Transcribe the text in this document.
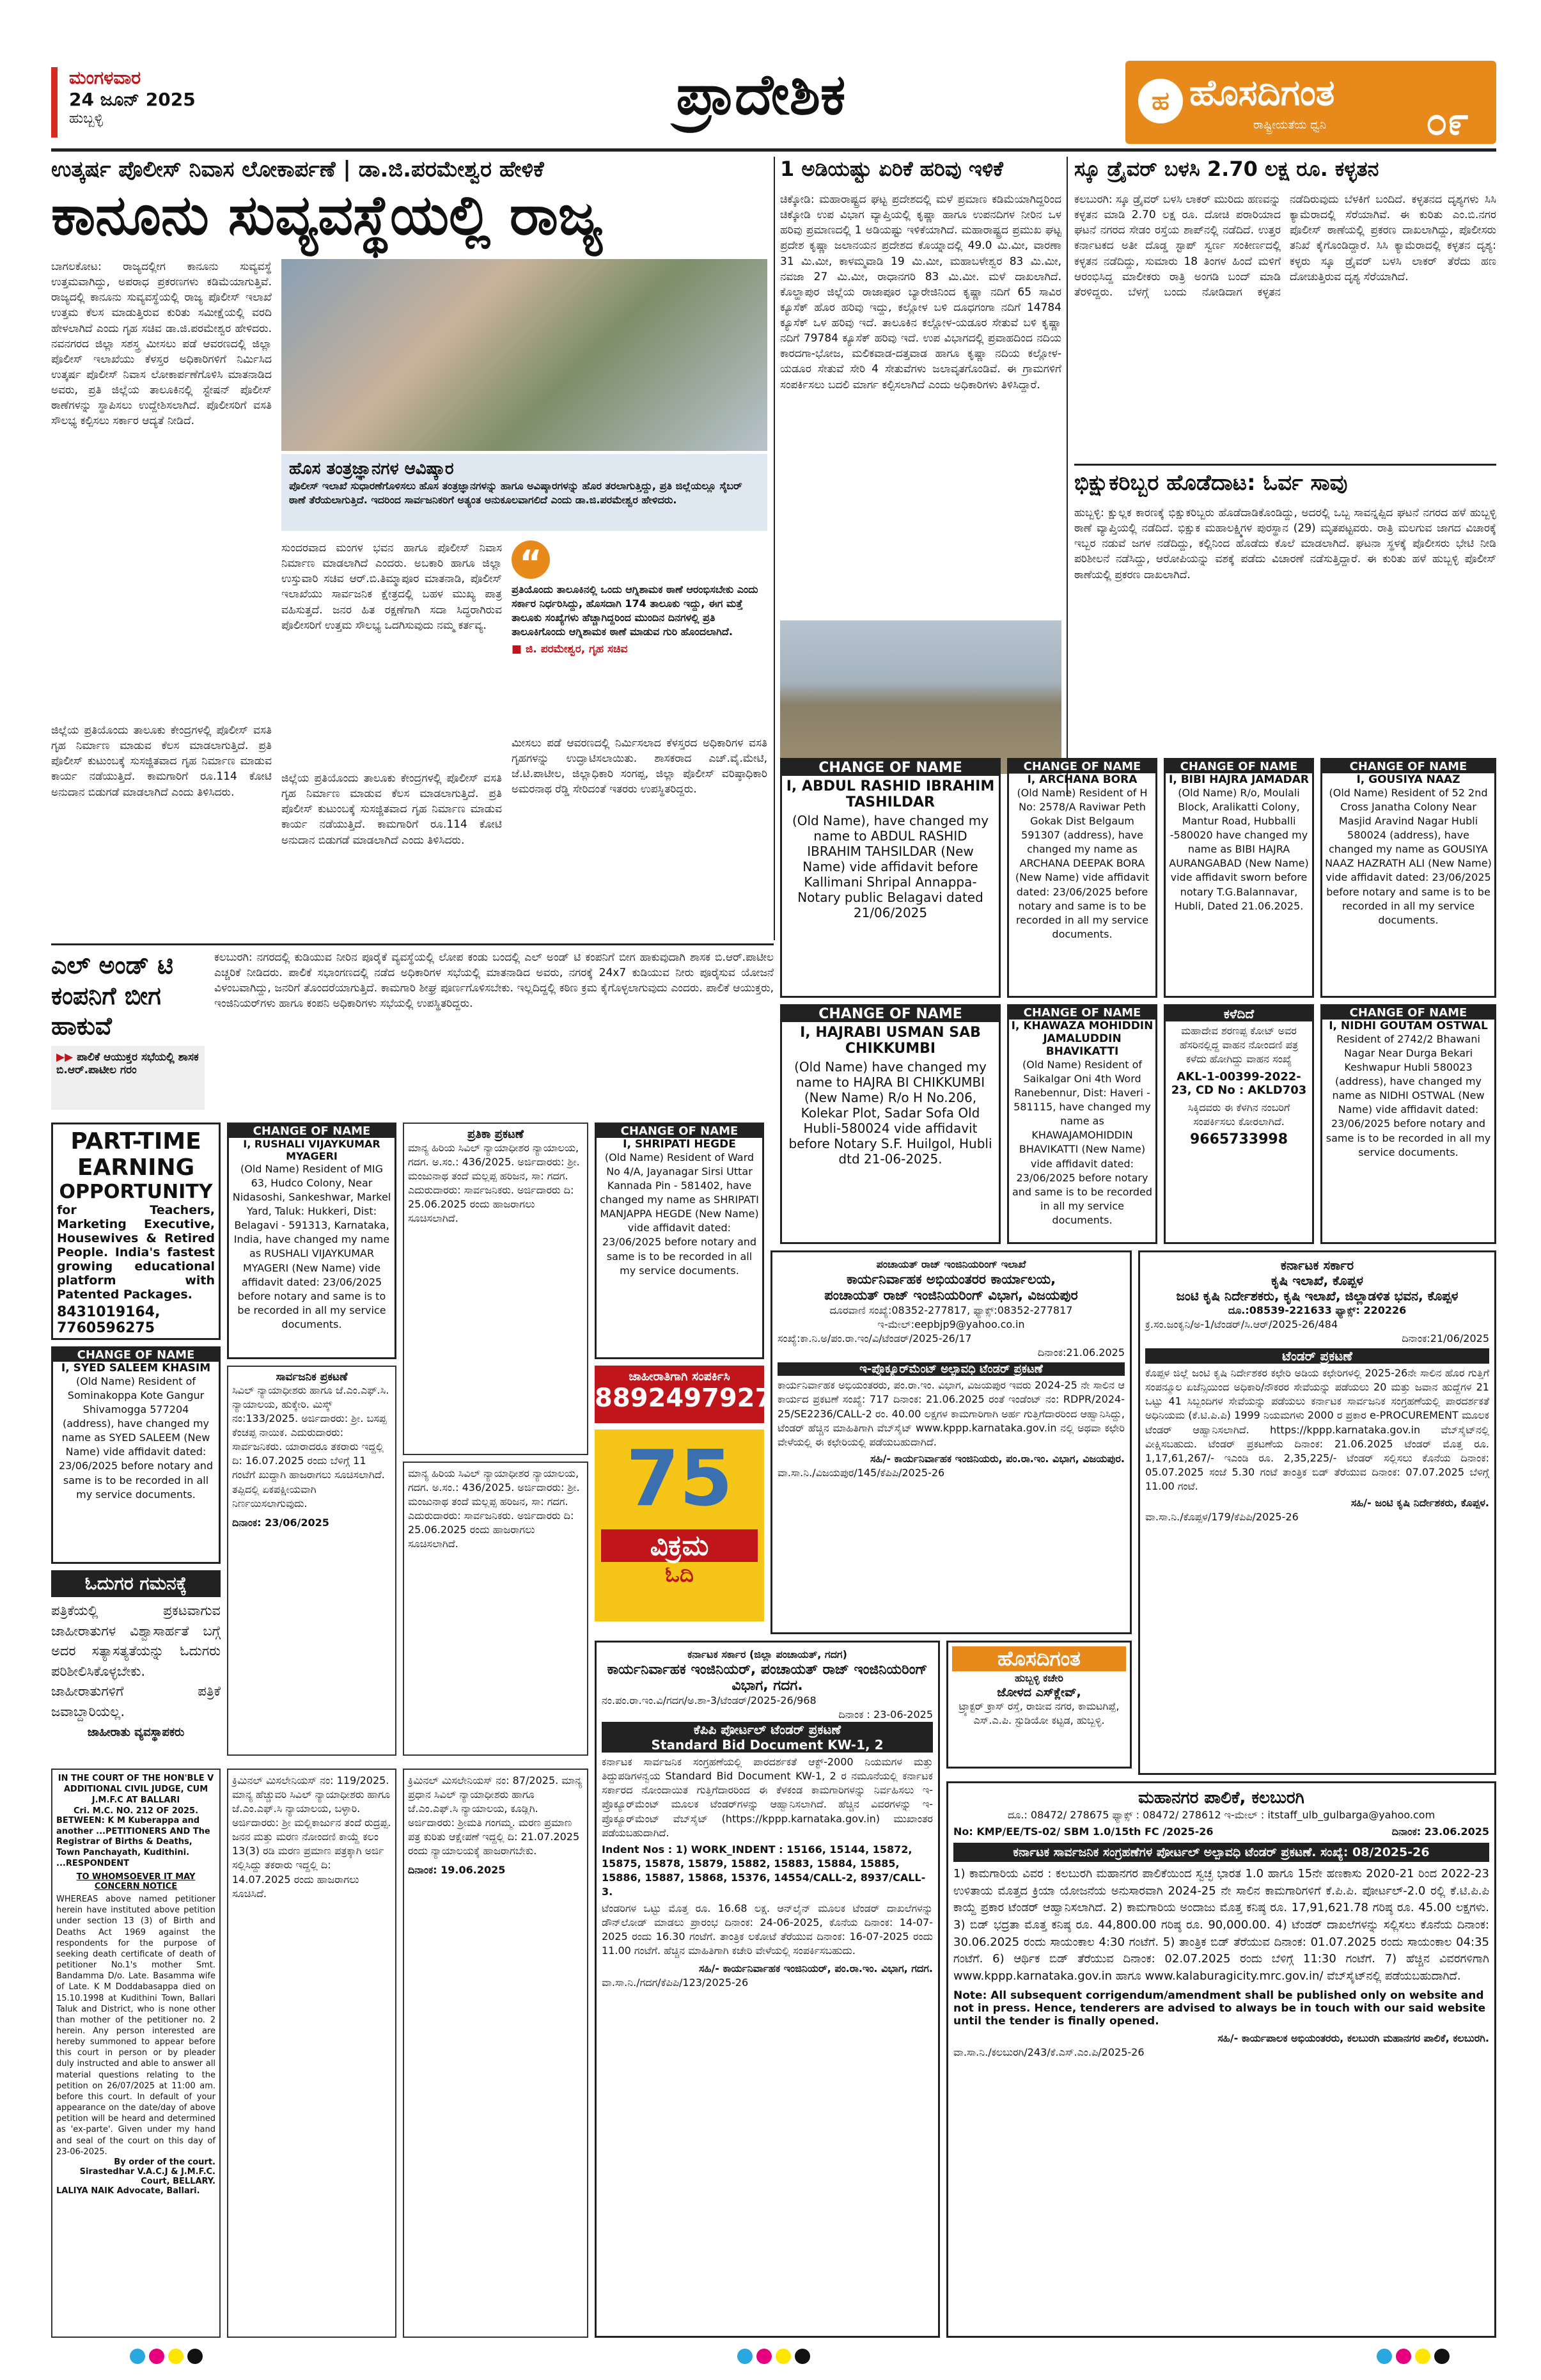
ಮಂಗಳವಾರ
24 ಜೂನ್ 2025
ಹುಬ್ಬಳ್ಳಿ	ಪ್ರಾದೇಶಿಕ	ಹ ಹೊಸದಿಗಂತ
ರಾಷ್ಟ್ರೀಯತೆಯ ಧ್ವನಿ	೦೯
ಉತ್ಕರ್ಷ ಪೊಲೀಸ್ ನಿವಾಸ ಲೋಕಾರ್ಪಣೆ | ಡಾ.ಜಿ.ಪರಮೇಶ್ವರ ಹೇಳಿಕೆ
ಕಾನೂನು ಸುವ್ಯವಸ್ಥೆಯಲ್ಲಿ ರಾಜ್ಯ
ಬಾಗಲಕೋಟ: ರಾಜ್ಯದಲ್ಲೀಗ ಕಾನೂನು ಸುವ್ಯವಸ್ಥೆ ಉತ್ತಮವಾಗಿದ್ದು, ಅಪರಾಧ ಪ್ರಕರಣಗಳು ಕಡಿಮೆಯಾಗುತ್ತಿವೆ. ರಾಜ್ಯದಲ್ಲಿ ಕಾನೂನು ಸುವ್ಯವಸ್ಥೆಯಲ್ಲಿ ರಾಜ್ಯ ಪೊಲೀಸ್ ಇಲಾಖೆ ಉತ್ತಮ ಕೆಲಸ ಮಾಡುತ್ತಿರುವ ಕುರಿತು ಸಮೀಕ್ಷೆಯಲ್ಲಿ ವರದಿ ಹೇಳಲಾಗಿದೆ ಎಂದು ಗೃಹ ಸಚಿವ ಡಾ.ಜಿ.ಪರಮೇಶ್ವರ ಹೇಳಿದರು. ನವನಗರದ ಜಿಲ್ಲಾ ಸಶಸ್ತ್ರ ಮೀಸಲು ಪಡೆ ಆವರಣದಲ್ಲಿ ಜಿಲ್ಲಾ ಪೊಲೀಸ್ ಇಲಾಖೆಯು ಕೆಳಸ್ತರ ಅಧಿಕಾರಿಗಳಿಗೆ ನಿರ್ಮಿಸಿದ ಉತ್ಕರ್ಷ ಪೊಲೀಸ್ ನಿವಾಸ ಲೋಕಾರ್ಪಣೆಗೊಳಿಸಿ ಮಾತನಾಡಿದ ಅವರು, ಪ್ರತಿ ಜಿಲ್ಲೆಯ ತಾಲೂಕಿನಲ್ಲಿ ಸ್ಟೇಷನ್ ಪೊಲೀಸ್ ಠಾಣೆಗಳನ್ನು ಸ್ಥಾಪಿಸಲು ಉದ್ದೇಶಿಸಲಾಗಿದೆ. ಪೊಲೀಸರಿಗೆ ವಸತಿ ಸೌಲಭ್ಯ ಕಲ್ಪಿಸಲು ಸರ್ಕಾರ ಆದ್ಯತೆ ನೀಡಿದೆ.
ಹೊಸ ತಂತ್ರಜ್ಞಾನಗಳ ಆವಿಷ್ಕಾರ
ಪೊಲೀಸ್ ಇಲಾಖೆ ಸುಧಾರಣೆಗೊಳಿಸಲು ಹೊಸ ತಂತ್ರಜ್ಞಾನಗಳನ್ನು ಹಾಗೂ ಅವಿಷ್ಕಾರಗಳನ್ನು ಹೊರ ತರಲಾಗುತ್ತಿದ್ದು, ಪ್ರತಿ ಜಿಲ್ಲೆಯಲ್ಲೂ ಸೈಬರ್ ಠಾಣೆ ತೆರೆಯಲಾಗುತ್ತಿದೆ. ಇದರಿಂದ ಸಾರ್ವಜನಿಕರಿಗೆ ಅತ್ಯಂತ ಅನುಕೂಲವಾಗಲಿದೆ ಎಂದು ಡಾ.ಜಿ.ಪರಮೇಶ್ವರ ಹೇಳಿದರು.
ಜಿಲ್ಲೆಯ ಪ್ರತಿಯೊಂದು ತಾಲೂಕು ಕೇಂದ್ರಗಳಲ್ಲಿ ಪೊಲೀಸ್ ವಸತಿ ಗೃಹ ನಿರ್ಮಾಣ ಮಾಡುವ ಕೆಲಸ ಮಾಡಲಾಗುತ್ತಿದೆ. ಪ್ರತಿ ಪೊಲೀಸ್ ಕುಟುಂಬಕ್ಕೆ ಸುಸಜ್ಜಿತವಾದ ಗೃಹ ನಿರ್ಮಾಣ ಮಾಡುವ ಕಾರ್ಯ ನಡೆಯುತ್ತಿದೆ. ಕಾಮಗಾರಿಗೆ ರೂ.114 ಕೋಟಿ ಅನುದಾನ ಬಿಡುಗಡೆ ಮಾಡಲಾಗಿದೆ ಎಂದು ತಿಳಿಸಿದರು.
ಸುಂದರವಾದ ಮಂಗಳ ಭವನ ಹಾಗೂ ಪೊಲೀಸ್ ನಿವಾಸ ನಿರ್ಮಾಣ ಮಾಡಲಾಗಿದೆ ಎಂದರು. ಅಬಕಾರಿ ಹಾಗೂ ಜಿಲ್ಲಾ ಉಸ್ತುವಾರಿ ಸಚಿವ ಆರ್.ಬಿ.ತಿಮ್ಮಾಪೂರ ಮಾತನಾಡಿ, ಪೊಲೀಸ್ ಇಲಾಖೆಯು ಸಾರ್ವಜನಿಕ ಕ್ಷೇತ್ರದಲ್ಲಿ ಬಹಳ ಮುಖ್ಯ ಪಾತ್ರ ವಹಿಸುತ್ತದೆ. ಜನರ ಹಿತ ರಕ್ಷಣೆಗಾಗಿ ಸದಾ ಸಿದ್ಧರಾಗಿರುವ ಪೊಲೀಸರಿಗೆ ಉತ್ತಮ ಸೌಲಭ್ಯ ಒದಗಿಸುವುದು ನಮ್ಮ ಕರ್ತವ್ಯ.
“
ಪ್ರತಿಯೊಂದು ತಾಲೂಕಿನಲ್ಲಿ ಒಂದು ಆಗ್ನಿಶಾಮಕ ಠಾಣೆ ಆರಂಭಿಸಬೇಕು ಎಂದು ಸರ್ಕಾರ ನಿರ್ಧರಿಸಿದ್ದು, ಹೊಸದಾಗಿ 174 ತಾಲೂಕು ಇದ್ದು, ಈಗ ಮತ್ತೆ ತಾಲೂಕು ಸಂಖ್ಯೆಗಳು ಹೆಚ್ಚಾಗಿದ್ದರಿಂದ ಮುಂದಿನ ದಿನಗಳಲ್ಲಿ ಪ್ರತಿ ತಾಲೂಕಿಗೊಂದು ಆಗ್ನಿಶಾಮಕ ಠಾಣೆ ಮಾಡುವ ಗುರಿ ಹೊಂದಲಾಗಿದೆ.
■ ಜಿ. ಪರಮೇಶ್ವರ, ಗೃಹ ಸಚಿವ
ಮೀಸಲು ಪಡೆ ಆವರಣದಲ್ಲಿ ನಿರ್ಮಿಸಲಾದ ಕೆಳಸ್ತರದ ಅಧಿಕಾರಿಗಳ ವಸತಿ ಗೃಹಗಳನ್ನು ಉದ್ಘಾಟಿಸಲಾಯಿತು. ಶಾಸಕರಾದ ಎಚ್.ವೈ.ಮೇಟಿ, ಜೆ.ಟಿ.ಪಾಟೀಲ, ಜಿಲ್ಲಾಧಿಕಾರಿ ಸಂಗಪ್ಪ, ಜಿಲ್ಲಾ ಪೊಲೀಸ್ ವರಿಷ್ಠಾಧಿಕಾರಿ ಅಮರನಾಥ ರೆಡ್ಡಿ ಸೇರಿದಂತೆ ಇತರರು ಉಪಸ್ಥಿತರಿದ್ದರು.
ಜಿಲ್ಲೆಯ ಪ್ರತಿಯೊಂದು ತಾಲೂಕು ಕೇಂದ್ರಗಳಲ್ಲಿ ಪೊಲೀಸ್ ವಸತಿ ಗೃಹ ನಿರ್ಮಾಣ ಮಾಡುವ ಕೆಲಸ ಮಾಡಲಾಗುತ್ತಿದೆ. ಪ್ರತಿ ಪೊಲೀಸ್ ಕುಟುಂಬಕ್ಕೆ ಸುಸಜ್ಜಿತವಾದ ಗೃಹ ನಿರ್ಮಾಣ ಮಾಡುವ ಕಾರ್ಯ ನಡೆಯುತ್ತಿದೆ. ಕಾಮಗಾರಿಗೆ ರೂ.114 ಕೋಟಿ ಅನುದಾನ ಬಿಡುಗಡೆ ಮಾಡಲಾಗಿದೆ ಎಂದು ತಿಳಿಸಿದರು.
1 ಅಡಿಯಷ್ಟು ಏರಿಕೆ ಹರಿವು ಇಳಿಕೆ
ಚಿಕ್ಕೋಡಿ: ಮಹಾರಾಷ್ಟ್ರದ ಘಟ್ಟ ಪ್ರದೇಶದಲ್ಲಿ ಮಳೆ ಪ್ರಮಾಣ ಕಡಿಮೆಯಾಗಿದ್ದರಿಂದ ಚಿಕ್ಕೋಡಿ ಉಪ ವಿಭಾಗ ವ್ಯಾಪ್ತಿಯಲ್ಲಿ ಕೃಷ್ಣಾ ಹಾಗೂ ಉಪನದಿಗಳ ನೀರಿನ ಒಳ ಹರಿವು ಪ್ರಮಾಣದಲ್ಲಿ 1 ಅಡಿಯಷ್ಟು ಇಳಿಕೆಯಾಗಿದೆ. ಮಹಾರಾಷ್ಟ್ರದ ಪ್ರಮುಖ ಘಟ್ಟ ಪ್ರದೇಶ ಕೃಷ್ಣಾ ಜಲಾನಯನ ಪ್ರದೇಶದ ಕೊಯ್ನಾದಲ್ಲಿ 49.0 ಮಿ.ಮೀ, ವಾರಣಾ 31 ಮಿ.ಮೀ, ಕಾಳಮ್ಮವಾಡಿ 19 ಮಿ.ಮೀ, ಮಹಾಬಳೇಶ್ವರ 83 ಮಿ.ಮೀ, ನವಜಾ 27 ಮಿ.ಮೀ, ರಾಧಾನಗರಿ 83 ಮಿ.ಮೀ. ಮಳೆ ದಾಖಲಾಗಿದೆ. ಕೊಲ್ಹಾಪುರ ಜಿಲ್ಲೆಯ ರಾಜಾಪೂರ ಬ್ಯಾರೇಜಿನಿಂದ ಕೃಷ್ಣಾ ನದಿಗೆ 65 ಸಾವಿರ ಕ್ಯೂಸೆಕ್ ಹೊರ ಹರಿವು ಇದ್ದು, ಕಲ್ಲೋಳ ಬಳಿ ದೂಧಗಂಗಾ ನದಿಗೆ 14784 ಕ್ಯೂಸೆಕ್ ಒಳ ಹರಿವು ಇದೆ. ತಾಲೂಕಿನ ಕಲ್ಲೋಳ-ಯಡೂರ ಸೇತುವೆ ಬಳಿ ಕೃಷ್ಣಾ ನದಿಗೆ 79784 ಕ್ಯೂಸೆಕ್ ಹರಿವು ಇದೆ. ಉಪ ವಿಭಾಗದಲ್ಲಿ ಪ್ರವಾಹದಿಂದ ನದಿಯ ಕಾರದಗಾ-ಭೋಜ, ಮಲಿಕವಾಡ-ದತ್ತವಾಡ ಹಾಗೂ ಕೃಷ್ಣಾ ನದಿಯ ಕಲ್ಲೋಳ-ಯಡೂರ ಸೇತುವೆ ಸೇರಿ 4 ಸೇತುವೆಗಳು ಜಲಾವೃತಗೊಂಡಿವೆ. ಈ ಗ್ರಾಮಗಳಿಗೆ ಸಂಪರ್ಕಿಸಲು ಬದಲಿ ಮಾರ್ಗ ಕಲ್ಪಿಸಲಾಗಿದೆ ಎಂದು ಅಧಿಕಾರಿಗಳು ತಿಳಿಸಿದ್ದಾರೆ.
ಸ್ಕೂ ಡ್ರೈವರ್ ಬಳಸಿ 2.70 ಲಕ್ಷ ರೂ. ಕಳ್ಳತನ
ಕಲಬುರಗಿ: ಸ್ಕೂ ಡ್ರೈವರ್ ಬಳಸಿ ಲಾಕರ್ ಮುರಿದು ಹಣವನ್ನು ಕಳ್ಳತನ ಮಾಡಿ 2.70 ಲಕ್ಷ ರೂ. ದೋಚಿ ಪರಾರಿಯಾದ ಘಟನೆ ನಗರದ ಸೇಡಂ ರಸ್ತೆಯ ಶಾಪ್‌ನಲ್ಲಿ ನಡೆದಿದೆ. ಉತ್ತರ ಕರ್ನಾಟಕದ ಅತೀ ದೊಡ್ಡ ಸ್ಟಾಪ್ ಸ್ವರ್ಣ ಸಂಕೀರ್ಣದಲ್ಲಿ ಕಳ್ಳತನ ನಡೆದಿದ್ದು, ಸುಮಾರು 18 ತಿಂಗಳ ಹಿಂದೆ ಮಳಿಗೆ ಆರಂಭಿಸಿದ್ದ ಮಾಲೀಕರು ರಾತ್ರಿ ಅಂಗಡಿ ಬಂದ್ ಮಾಡಿ ತೆರಳಿದ್ದರು. ಬೆಳಗ್ಗೆ ಬಂದು ನೋಡಿದಾಗ ಕಳ್ಳತನ ನಡೆದಿರುವುದು ಬೆಳಕಿಗೆ ಬಂದಿದೆ. ಕಳ್ಳತನದ ದೃಶ್ಯಗಳು ಸಿಸಿ ಕ್ಯಾಮೆರಾದಲ್ಲಿ ಸೆರೆಯಾಗಿವೆ. ಈ ಕುರಿತು ಎಂ.ಬಿ.ನಗರ ಪೊಲೀಸ್ ಠಾಣೆಯಲ್ಲಿ ಪ್ರಕರಣ ದಾಖಲಾಗಿದ್ದು, ಪೊಲೀಸರು ತನಿಖೆ ಕೈಗೊಂಡಿದ್ದಾರೆ. ಸಿಸಿ ಕ್ಯಾಮೆರಾದಲ್ಲಿ ಕಳ್ಳತನ ದೃಶ್ಯ: ಕಳ್ಳರು ಸ್ಕೂ ಡ್ರೈವರ್ ಬಳಸಿ ಲಾಕರ್ ತೆರೆದು ಹಣ ದೋಚುತ್ತಿರುವ ದೃಶ್ಯ ಸೆರೆಯಾಗಿದೆ.
ಭಿಕ್ಷುಕರಿಬ್ಬರ ಹೊಡೆದಾಟ: ಓರ್ವ ಸಾವು
ಹುಬ್ಬಳ್ಳಿ: ಕ್ಷುಲ್ಲಕ ಕಾರಣಕ್ಕೆ ಭಿಕ್ಷುಕರಿಬ್ಬರು ಹೊಡೆದಾಡಿಕೊಂಡಿದ್ದು, ಅದರಲ್ಲಿ ಒಬ್ಬ ಸಾವನ್ನಪ್ಪಿದ ಘಟನೆ ನಗರದ ಹಳೆ ಹುಬ್ಬಳ್ಳಿ ಠಾಣೆ ವ್ಯಾಪ್ತಿಯಲ್ಲಿ ನಡೆದಿದೆ. ಭಿಕ್ಷುಕ ಮಹಾಲಕ್ಷ್ಮಿಗಳ ಪುರಸ್ಥಾನ (29) ಮೃತಪಟ್ಟವರು. ರಾತ್ರಿ ಮಲಗುವ ಜಾಗದ ವಿಚಾರಕ್ಕೆ ಇಬ್ಬರ ನಡುವೆ ಜಗಳ ನಡೆದಿದ್ದು, ಕಲ್ಲಿನಿಂದ ಹೊಡೆದು ಕೊಲೆ ಮಾಡಲಾಗಿದೆ. ಘಟನಾ ಸ್ಥಳಕ್ಕೆ ಪೊಲೀಸರು ಭೇಟಿ ನೀಡಿ ಪರಿಶೀಲನೆ ನಡೆಸಿದ್ದು, ಆರೋಪಿಯನ್ನು ವಶಕ್ಕೆ ಪಡೆದು ವಿಚಾರಣೆ ನಡೆಸುತ್ತಿದ್ದಾರೆ. ಈ ಕುರಿತು ಹಳೆ ಹುಬ್ಬಳ್ಳಿ ಪೊಲೀಸ್ ಠಾಣೆಯಲ್ಲಿ ಪ್ರಕರಣ ದಾಖಲಾಗಿದೆ.
ಎಲ್ ಅಂಡ್ ಟಿ ಕಂಪನಿಗೆ ಬೀಗ ಹಾಕುವೆ
▶▶ ಪಾಲಿಕೆ ಆಯುಕ್ತರ ಸಭೆಯಲ್ಲಿ ಶಾಸಕ ಬಿ.ಆರ್.ಪಾಟೀಲ ಗರಂ
ಕಲಬುರಗಿ: ನಗರದಲ್ಲಿ ಕುಡಿಯುವ ನೀರಿನ ಪೂರೈಕೆ ವ್ಯವಸ್ಥೆಯಲ್ಲಿ ಲೋಪ ಕಂಡು ಬಂದಲ್ಲಿ ಎಲ್ ಅಂಡ್ ಟಿ ಕಂಪನಿಗೆ ಬೀಗ ಹಾಕುವುದಾಗಿ ಶಾಸಕ ಬಿ.ಆರ್.ಪಾಟೀಲ ಎಚ್ಚರಿಕೆ ನೀಡಿದರು. ಪಾಲಿಕೆ ಸಭಾಂಗಣದಲ್ಲಿ ನಡೆದ ಅಧಿಕಾರಿಗಳ ಸಭೆಯಲ್ಲಿ ಮಾತನಾಡಿದ ಅವರು, ನಗರಕ್ಕೆ 24x7 ಕುಡಿಯುವ ನೀರು ಪೂರೈಸುವ ಯೋಜನೆ ವಿಳಂಬವಾಗಿದ್ದು, ಜನರಿಗೆ ತೊಂದರೆಯಾಗುತ್ತಿದೆ. ಕಾಮಗಾರಿ ಶೀಘ್ರ ಪೂರ್ಣಗೊಳಿಸಬೇಕು. ಇಲ್ಲದಿದ್ದಲ್ಲಿ ಕಠಿಣ ಕ್ರಮ ಕೈಗೊಳ್ಳಲಾಗುವುದು ಎಂದರು. ಪಾಲಿಕೆ ಆಯುಕ್ತರು, ಇಂಜಿನಿಯರ್‌ಗಳು ಹಾಗೂ ಕಂಪನಿ ಅಧಿಕಾರಿಗಳು ಸಭೆಯಲ್ಲಿ ಉಪಸ್ಥಿತರಿದ್ದರು.
CHANGE OF NAME
I, ABDUL RASHID IBRAHIM TASHILDAR
(Old Name), have changed my name to ABDUL RASHID IBRAHIM TAHSILDAR (New Name) vide affidavit before Kallimani Shripal Annappa-Notary public Belagavi dated 21/06/2025
CHANGE OF NAME
I, ARCHANA BORA
(Old Name) Resident of H No: 2578/A Raviwar Peth Gokak Dist Belgaum 591307 (address), have changed my name as ARCHANA DEEPAK BORA (New Name) vide affidavit dated: 23/06/2025 before notary and same is to be recorded in all my service documents.
CHANGE OF NAME
I, BIBI HAJRA JAMADAR
(Old Name) R/o, Moulali Block, Aralikatti Colony, Mantur Road, Hubballi -580020 have changed my name as BIBI HAJRA AURANGABAD (New Name) vide affidavit sworn before notary T.G.Balannavar, Hubli, Dated 21.06.2025.
CHANGE OF NAME
I, GOUSIYA NAAZ
(Old Name) Resident of 52 2nd Cross Janatha Colony Near Masjid Aravind Nagar Hubli 580024 (address), have changed my name as GOUSIYA NAAZ HAZRATH ALI (New Name) vide affidavit dated: 23/06/2025 before notary and same is to be recorded in all my service documents.
CHANGE OF NAME
I, HAJRABI USMAN SAB CHIKKUMBI
(Old Name) have changed my name to HAJRA BI CHIKKUMBI (New Name) R/o H No.206, Kolekar Plot, Sadar Sofa Old Hubli-580024 vide affidavit before Notary S.F. Huilgol, Hubli dtd 21-06-2025.
CHANGE OF NAME
I, KHAWAZA MOHIDDIN JAMALUDDIN BHAVIKATTI
(Old Name) Resident of Saikalgar Oni 4th Word Ranebennur, Dist: Haveri - 581115, have changed my name as KHAWAJAMOHIDDIN BHAVIKATTI (New Name) vide affidavit dated: 23/06/2025 before notary and same is to be recorded in all my service documents.
ಕಳೆದಿದೆ
ಮಹಾದೇವ ಶರಣಪ್ಪ ಕೋಟ್ ಅವರ ಹೆಸರಿನಲ್ಲಿದ್ದ ವಾಹನ ನೋಂದಣಿ ಪತ್ರ ಕಳೆದು ಹೋಗಿದ್ದು ವಾಹನ ಸಂಖ್ಯೆ
AKL-1-00399-2022-23, CD No : AKLD703
ಸಿಕ್ಕಿದವರು ಈ ಕೆಳಗಿನ ನಂಬರಿಗೆ ಸಂಪರ್ಕಿಸಲು ಕೋರಲಾಗಿದೆ.
9665733998
CHANGE OF NAME
I, NIDHI GOUTAM OSTWAL
Resident of 2742/2 Bhawani Nagar Near Durga Bekari Keshwapur Hubli 580023 (address), have changed my name as NIDHI OSTWAL (New Name) vide affidavit dated: 23/06/2025 before notary and same is to be recorded in all my service documents.
PART-TIME
EARNING
OPPORTUNITY
for Teachers, Marketing Executive, Housewives & Retired People. India's fastest growing educational platform with Patented Packages.
8431019164, 7760596275
CHANGE OF NAME
I, RUSHALI VIJAYKUMAR MYAGERI
(Old Name) Resident of MIG 63, Hudco Colony, Near Nidasoshi, Sankeshwar, Markel Yard, Taluk: Hukkeri, Dist: Belagavi - 591313, Karnataka, India, have changed my name as RUSHALI VIJAYKUMAR MYAGERI (New Name) vide affidavit dated: 23/06/2025 before notary and same is to be recorded in all my service documents.
ಪ್ರತಿಕಾ ಪ್ರಕಟಣೆ
ಮಾನ್ಯ ಹಿರಿಯ ಸಿವಿಲ್ ನ್ಯಾಯಾಧೀಶರ ನ್ಯಾಯಾಲಯ, ಗದಗ. ಅ.ಸಂ.: 436/2025. ಅರ್ಜಿದಾರರು: ಶ್ರೀ. ಮಂಜುನಾಥ ತಂದೆ ಮಲ್ಲಪ್ಪ ಹರಿಜನ, ಸಾ: ಗದಗ. ಎದುರುದಾರರು: ಸಾರ್ವಜನಿಕರು. ಅರ್ಜಿದಾರರು ದಿ: 25.06.2025 ರಂದು ಹಾಜರಾಗಲು ಸೂಚಿಸಲಾಗಿದೆ.
CHANGE OF NAME
I, SHRIPATI HEGDE
(Old Name) Resident of Ward No 4/A, Jayanagar Sirsi Uttar Kannada Pin - 581402, have changed my name as SHRIPATI MANJAPPA HEGDE (New Name) vide affidavit dated: 23/06/2025 before notary and same is to be recorded in all my service documents.
CHANGE OF NAME
I, SYED SALEEM KHASIM
(Old Name) Resident of Sominakoppa Kote Gangur Shivamogga 577204 (address), have changed my name as SYED SALEEM (New Name) vide affidavit dated: 23/06/2025 before notary and same is to be recorded in all my service documents.
ಸಾರ್ವಜನಿಕ ಪ್ರಕಟಣೆ
ಸಿವಿಲ್ ನ್ಯಾಯಾಧೀಶರು ಹಾಗೂ ಜೆ.ಎಂ.ಎಫ್.ಸಿ. ನ್ಯಾಯಾಲಯ, ಹುಕ್ಕೇರಿ. ಮಿಸ್ಕ್ ನಂ:133/2025. ಅರ್ಜಿದಾರರು: ಶ್ರೀ. ಬಸಪ್ಪ ಕೆಂಚಪ್ಪ ನಾಯಿಕ. ಎದುರುದಾರರು: ಸಾರ್ವಜನಿಕರು. ಯಾರಾದರೂ ತಕರಾರು ಇದ್ದಲ್ಲಿ ದಿ: 16.07.2025 ರಂದು ಬೆಳಿಗ್ಗೆ 11 ಗಂಟೆಗೆ ಖುದ್ದಾಗಿ ಹಾಜರಾಗಲು ಸೂಚಿಸಲಾಗಿದೆ. ತಪ್ಪಿದಲ್ಲಿ ಏಕಪಕ್ಷೀಯವಾಗಿ ನಿರ್ಣಯಿಸಲಾಗುವುದು.
ದಿನಾಂಕ: 23/06/2025
ಜಾಹೀರಾತಿಗಾಗಿ ಸಂಪರ್ಕಿಸಿ
8892497927
75
ವಿಕ್ರಮ
ಓದಿ
ಓದುಗರ ಗಮನಕ್ಕೆ
ಪತ್ರಿಕೆಯಲ್ಲಿ ಪ್ರಕಟವಾಗುವ ಜಾಹೀರಾತುಗಳ ವಿಶ್ವಾಸಾರ್ಹತೆ ಬಗ್ಗೆ ಅದರ ಸತ್ಯಾಸತ್ಯತೆಯನ್ನು ಓದುಗರು ಪರಿಶೀಲಿಸಿಕೊಳ್ಳಬೇಕು. ಜಾಹೀರಾತುಗಳಿಗೆ ಪತ್ರಿಕೆ ಜವಾಬ್ದಾರಿಯಲ್ಲ.
ಜಾಹೀರಾತು ವ್ಯವಸ್ಥಾಪಕರು
ಮಾನ್ಯ ಹಿರಿಯ ಸಿವಿಲ್ ನ್ಯಾಯಾಧೀಶರ ನ್ಯಾಯಾಲಯ, ಗದಗ. ಅ.ಸಂ.: 436/2025. ಅರ್ಜಿದಾರರು: ಶ್ರೀ. ಮಂಜುನಾಥ ತಂದೆ ಮಲ್ಲಪ್ಪ ಹರಿಜನ, ಸಾ: ಗದಗ. ಎದುರುದಾರರು: ಸಾರ್ವಜನಿಕರು. ಅರ್ಜಿದಾರರು ದಿ: 25.06.2025 ರಂದು ಹಾಜರಾಗಲು ಸೂಚಿಸಲಾಗಿದೆ.
IN THE COURT OF THE HON'BLE V ADDITIONAL CIVIL JUDGE, CUM J.M.F.C AT BALLARI
Cri. M.C. NO. 212 OF 2025.
BETWEEN: K M Kuberappa and another ...PETITIONERS AND The Registrar of Births & Deaths, Town Panchayath, Kudithini. ...RESPONDENT
TO WHOMSOEVER IT MAY CONCERN NOTICE
WHEREAS above named petitioner herein have instituted above petition under section 13 (3) of Birth and Deaths Act 1969 against the respondents for the purpose of seeking death certificate of death of petitioner No.1's mother Smt. Bandamma D/o. Late. Basamma wife of Late. K M Doddabasappa died on 15.10.1998 at Kudithini Town, Ballari Taluk and District, who is none other than mother of the petitioner no. 2 herein. Any person interested are hereby summoned to appear before this court in person or by pleader duly instructed and able to answer all material questions relating to the petition on 26/07/2025 at 11:00 am. before this court. In default of your appearance on the date/day of above petition will be heard and determined as 'ex-parte'. Given under my hand and seal of the court on this day of 23-06-2025.
By order of the court.
Sirastedhar V.A.C.J & J.M.F.C. Court, BELLARY.
LALIYA NAIK Advocate, Ballari.
ಕ್ರಿಮಿನಲ್ ಮಿಸಲೇನಿಯಸ್ ನಂ: 119/2025. ಮಾನ್ಯ ಹೆಚ್ಚುವರಿ ಸಿವಿಲ್ ನ್ಯಾಯಾಧೀಶರು ಹಾಗೂ ಜೆ.ಎಂ.ಎಫ್.ಸಿ ನ್ಯಾಯಾಲಯ, ಬಳ್ಳಾರಿ. ಅರ್ಜಿದಾರರು: ಶ್ರೀ ಮಲ್ಲಿಕಾರ್ಜುನ ತಂದೆ ರುದ್ರಪ್ಪ. ಜನನ ಮತ್ತು ಮರಣ ನೋಂದಣಿ ಕಾಯ್ದೆ ಕಲಂ 13(3) ರಡಿ ಮರಣ ಪ್ರಮಾಣ ಪತ್ರಕ್ಕಾಗಿ ಅರ್ಜಿ ಸಲ್ಲಿಸಿದ್ದು ತಕರಾರು ಇದ್ದಲ್ಲಿ ದಿ: 14.07.2025 ರಂದು ಹಾಜರಾಗಲು ಸೂಚಿಸಿದೆ.
ಕ್ರಿಮಿನಲ್ ಮಿಸಲೇನಿಯಸ್ ನಂ: 87/2025. ಮಾನ್ಯ ಪ್ರಧಾನ ಸಿವಿಲ್ ನ್ಯಾಯಾಧೀಶರು ಹಾಗೂ ಜೆ.ಎಂ.ಎಫ್.ಸಿ ನ್ಯಾಯಾಲಯ, ಕೂಡ್ಲಿಗಿ. ಅರ್ಜಿದಾರರು: ಶ್ರೀಮತಿ ಗಂಗಮ್ಮ. ಮರಣ ಪ್ರಮಾಣ ಪತ್ರ ಕುರಿತು ಆಕ್ಷೇಪಣೆ ಇದ್ದಲ್ಲಿ ದಿ: 21.07.2025 ರಂದು ನ್ಯಾಯಾಲಯಕ್ಕೆ ಹಾಜರಾಗಬೇಕು.
ದಿನಾಂಕ: 19.06.2025
ಪಂಚಾಯತ್ ರಾಜ್ ಇಂಜಿನಿಯರಿಂಗ್ ಇಲಾಖೆ
ಕಾರ್ಯನಿರ್ವಾಹಕ ಅಭಿಯಂತರರ ಕಾರ್ಯಾಲಯ,
ಪಂಚಾಯತ್ ರಾಜ್ ಇಂಜಿನಿಯರಿಂಗ್ ವಿಭಾಗ, ವಿಜಯಪುರ
ದೂರವಾಣಿ ಸಂಖ್ಯೆ:08352-277817, ಫ್ಯಾಕ್ಸ್:08352-277817
ಇ-ಮೇಲ್:eepbjp9@yahoo.co.in
ಸಂಖ್ಯೆ:ಕಾ.ನಿ.ಅ/ಪಂ.ರಾ.ಇಂ/ವಿ/ಟೆಂಡರ್/2025-26/17
ದಿನಾಂಕ:21.06.2025
ಇ-ಪ್ರೊಕ್ಯೂರ್‌ಮೆಂಟ್ ಅಲ್ಪಾವಧಿ ಟೆಂಡರ್ ಪ್ರಕಟಣೆ
ಕಾರ್ಯನಿರ್ವಾಹಕ ಅಭಿಯಂತರರು, ಪಂ.ರಾ.ಇಂ. ವಿಭಾಗ, ವಿಜಯಪುರ ಇವರು 2024-25 ನೇ ಸಾಲಿನ ಆ ಕಾರ್ಯದ ಪ್ರಕಟಣೆ ಸಂಖ್ಯೆ: 717 ದಿನಾಂಕ: 21.06.2025 ರಂತೆ ಇಂಡೆಂಟ್ ನಂ: RDPR/2024-25/SE2236/CALL-2 ರಂ. 40.00 ಲಕ್ಷಗಳ ಕಾಮಗಾರಿಗಾಗಿ ಅರ್ಹ ಗುತ್ತಿಗೆದಾರರಿಂದ ಆಹ್ವಾನಿಸಿದ್ದು, ಟೆಂಡರ್ ಹೆಚ್ಚಿನ ಮಾಹಿತಿಗಾಗಿ ವೆಬ್‌ಸೈಟ್ www.kppp.karnataka.gov.in ನಲ್ಲಿ ಅಥವಾ ಕಛೇರಿ ವೇಳೆಯಲ್ಲಿ ಈ ಕಛೇರಿಯಲ್ಲಿ ಪಡೆಯಬಹುದಾಗಿದೆ.
ಸಹಿ/- ಕಾರ್ಯನಿರ್ವಾಹಕ ಇಂಜಿನಿಯರು, ಪಂ.ರಾ.ಇಂ. ವಿಭಾಗ, ವಿಜಯಪುರ.
ವಾ.ಸಾ.ನಿ./ವಿಜಯಪುರ/145/ಕೆಪಿಪಿ/2025-26
ಕರ್ನಾಟಕ ಸರ್ಕಾರ
ಕೃಷಿ ಇಲಾಖೆ, ಕೊಪ್ಪಳ
ಜಂಟಿ ಕೃಷಿ ನಿರ್ದೇಶಕರು, ಕೃಷಿ ಇಲಾಖೆ, ಜಿಲ್ಲಾಡಳಿತ ಭವನ, ಕೊಪ್ಪಳ
ದೂ.:08539-221633 ಫ್ಯಾಕ್ಸ್: 220226
ಕ್ರ.ಸಂ.ಜಂಕೃನಿ/ಅ-1/ಟೆಂಡರ್/ಸಿ.ಆರ್/2025-26/484
ದಿನಾಂಕ:21/06/2025
ಟೆಂಡರ್ ಪ್ರಕಟಣೆ
ಕೊಪ್ಪಳ ಜಿಲ್ಲೆ ಜಂಟಿ ಕೃಷಿ ನಿರ್ದೇಶಕರ ಕಛೇರಿ ಅಡಿಯ ಕಛೇರಿಗಳಲ್ಲಿ 2025-26ನೇ ಸಾಲಿನ ಹೊರ ಗುತ್ತಿಗೆ ಸಂಪನ್ಮೂಲ ಏಜೆನ್ಸಿಯಿಂದ ಅಧಿಕಾರಿ/ನೌಕರರ ಸೇವೆಯನ್ನು ಪಡೆಯಲು 20 ಮತ್ತು ಜವಾನ ಹುದ್ದೆಗಳ 21 ಒಟ್ಟು 41 ಸಿಬ್ಬಂದಿಗಳ ಸೇವೆಯನ್ನು ಪಡೆಯಲು ಕರ್ನಾಟಕ ಸಾರ್ವಜನಿಕ ಸಂಗ್ರಹಣೆಯಲ್ಲಿ ಪಾರದರ್ಶಕತೆ ಅಧಿನಿಯಮ (ಕೆ.ಟಿ.ಪಿ.ಪಿ) 1999 ನಿಯಮಗಳು 2000 ರ ಪ್ರಕಾರ e-PROCUREMENT ಮೂಲಕ ಟೆಂಡರ್ ಆಹ್ವಾನಿಸಲಾಗಿದೆ. https://kppp.karnataka.gov.in ವೆಬ್‌ಸೈಟ್‌ನಲ್ಲಿ ವೀಕ್ಷಿಸಬಹುದು. ಟೆಂಡರ್ ಪ್ರಕಟಣೆಯ ದಿನಾಂಕ: 21.06.2025 ಟೆಂಡರ್ ಮೊತ್ತ ರೂ. 1,17,61,267/- ಇಎಂಡಿ ರೂ. 2,35,225/- ಟೆಂಡರ್ ಸಲ್ಲಿಸಲು ಕೊನೆಯ ದಿನಾಂಕ: 05.07.2025 ಸಂಜೆ 5.30 ಗಂಟೆ ತಾಂತ್ರಿಕ ಬಿಡ್ ತೆರೆಯುವ ದಿನಾಂಕ: 07.07.2025 ಬೆಳಿಗ್ಗೆ 11.00 ಗಂಟೆ.
ಸಹಿ/- ಜಂಟಿ ಕೃಷಿ ನಿರ್ದೇಶಕರು, ಕೊಪ್ಪಳ.
ವಾ.ಸಾ.ನಿ./ಕೊಪ್ಪಳ/179/ಕೆಪಿಪಿ/2025-26
ಕರ್ನಾಟಕ ಸರ್ಕಾರ (ಜಿಲ್ಲಾ ಪಂಚಾಯತ್, ಗದಗ)
ಕಾರ್ಯನಿರ್ವಾಹಕ ಇಂಜಿನಿಯರ್, ಪಂಚಾಯತ್ ರಾಜ್ ಇಂಜಿನಿಯರಿಂಗ್ ವಿಭಾಗ, ಗದಗ.
ನಂ.ಪಂ.ರಾ.ಇಂ.ವಿ/ಗದಗ/ಅ.ಶಾ-3/ಟೆಂಡರ್/2025-26/968
ದಿನಾಂಕ : 23-06-2025
ಕೆಪಿಪಿ ಪೋರ್ಟಲ್ ಟೆಂಡರ್ ಪ್ರಕಟಣೆ
Standard Bid Document KW-1, 2
ಕರ್ನಾಟಕ ಸಾರ್ವಜನಿಕ ಸಂಗ್ರಹಣೆಯಲ್ಲಿ ಪಾರದರ್ಶಕತೆ ಆಕ್ಟ್-2000 ನಿಯಮಗಳ ಮತ್ತು ತಿದ್ದುಪಡಿಗಳನ್ವಯ Standard Bid Document KW-1, 2 ರ ನಮೂನೆಯಲ್ಲಿ ಕರ್ನಾಟಕ ಸರ್ಕಾರದ ನೋಂದಾಯಿತ ಗುತ್ತಿಗೆದಾರರಿಂದ ಈ ಕೆಳಕಂಡ ಕಾಮಗಾರಿಗಳನ್ನು ನಿರ್ವಹಿಸಲು ಇ-ಪ್ರೊಕ್ಯೂರ್‌ಮೆಂಟ್ ಮೂಲಕ ಟೆಂಡರ್‌ಗಳನ್ನು ಆಹ್ವಾನಿಸಲಾಗಿದೆ. ಹೆಚ್ಚಿನ ವಿವರಗಳನ್ನು ಇ-ಪ್ರೊಕ್ಯೂರ್‌ಮೆಂಟ್ ವೆಬ್‌ಸೈಟ್ (https://kppp.karnataka.gov.in) ಮುಖಾಂತರ ಪಡೆಯಬಹುದಾಗಿದೆ.
Indent Nos : 1) WORK_INDENT : 15166, 15144, 15872, 15875, 15878, 15879, 15882, 15883, 15884, 15885, 15886, 15887, 15868, 15376, 14554/CALL-2, 8937/CALL-3.
ಟೆಂಡರಿಗಳ ಒಟ್ಟು ಮೊತ್ತ ರೂ. 16.68 ಲಕ್ಷ. ಆನ್‌ಲೈನ್ ಮೂಲಕ ಟೆಂಡರ್ ದಾಖಲೆಗಳನ್ನು ಡೌನ್‌ಲೋಡ್ ಮಾಡಲು ಪ್ರಾರಂಭ ದಿನಾಂಕ: 24-06-2025, ಕೊನೆಯ ದಿನಾಂಕ: 14-07-2025 ರಂದು 16.30 ಗಂಟೆಗೆ. ತಾಂತ್ರಿಕ ಲಕೋಟೆ ತೆರೆಯುವ ದಿನಾಂಕ: 16-07-2025 ರಂದು 11.00 ಗಂಟೆಗೆ. ಹೆಚ್ಚಿನ ಮಾಹಿತಿಗಾಗಿ ಕಚೇರಿ ವೇಳೆಯಲ್ಲಿ ಸಂಪರ್ಕಿಸಬಹುದು.
ಸಹಿ/- ಕಾರ್ಯನಿರ್ವಾಹಕ ಇಂಜಿನಿಯರ್, ಪಂ.ರಾ.ಇಂ. ವಿಭಾಗ, ಗದಗ.
ವಾ.ಸಾ.ನಿ./ಗದಗ/ಕೆಪಿಪಿ/123/2025-26
ಹೊಸದಿಗಂತ
ಹುಬ್ಬಳ್ಳಿ ಕಚೇರಿ
ಜೋಳದ ಎಸ್‌ಕ್ಲೇವ್,
ಟ್ರ್ಯಾಕ್ಟರ್ ಕ್ರಾಸ್ ರಸ್ತೆ, ರಾಜೀವ ನಗರ, ಕಾಮಟಗಿಪ್ಪೆ, ಎಸ್.ಎ.ಪಿ. ಸ್ಟುಡಿಯೋ ಕಟ್ಟಡ, ಹುಬ್ಬಳ್ಳಿ.
ಮಹಾನಗರ ಪಾಲಿಕೆ, ಕಲಬುರಗಿ
ದೂ.: 08472/ 278675 ಫ್ಯಾಕ್ಸ್ : 08472/ 278612 ಇ-ಮೇಲ್ : itstaff_ulb_gulbarga@yahoo.com
No: KMP/EE/TS-02/ SBM 1.0/15th FC /2025-26	ದಿನಾಂಕ: 23.06.2025
ಕರ್ನಾಟಕ ಸಾರ್ವಜನಿಕ ಸಂಗ್ರಹಣೆಗಳ ಪೋರ್ಟಲ್ ಅಲ್ಪಾವಧಿ ಟೆಂಡರ್ ಪ್ರಕಟಣೆ. ಸಂಖ್ಯೆ: 08/2025-26
1) ಕಾಮಗಾರಿಯ ವಿವರ : ಕಲಬುರಗಿ ಮಹಾನಗರ ಪಾಲಿಕೆಯಿಂದ ಸ್ವಚ್ಛ ಭಾರತ 1.0 ಹಾಗೂ 15ನೇ ಹಣಕಾಸು 2020-21 ರಿಂದ 2022-23 ಉಳಿತಾಯ ಮೊತ್ತದ ಕ್ರಿಯಾ ಯೋಜನೆಯ ಅನುಸಾರವಾಗಿ 2024-25 ನೇ ಸಾಲಿನ ಕಾಮಗಾರಿಗಳಿಗೆ ಕೆ.ಪಿ.ಪಿ. ಪೋರ್ಟಲ್-2.0 ರಲ್ಲಿ ಕೆ.ಟಿ.ಪಿ.ಪಿ ಕಾಯ್ದೆ ಪ್ರಕಾರ ಟೆಂಡರ್ ಆಹ್ವಾನಿಸಲಾಗಿದೆ. 2) ಕಾಮಗಾರಿಯ ಅಂದಾಜು ಮೊತ್ತ ಕನಿಷ್ಠ ರೂ. 17,91,621.78 ಗರಿಷ್ಠ ರೂ. 45.00 ಲಕ್ಷಗಳು. 3) ಬಿಡ್ ಭದ್ರತಾ ಮೊತ್ತ ಕನಿಷ್ಠ ರೂ. 44,800.00 ಗರಿಷ್ಠ ರೂ. 90,000.00. 4) ಟೆಂಡರ್ ದಾಖಲೆಗಳನ್ನು ಸಲ್ಲಿಸಲು ಕೊನೆಯ ದಿನಾಂಕ: 30.06.2025 ರಂದು ಸಾಯಂಕಾಲ 4:30 ಗಂಟೆಗೆ. 5) ತಾಂತ್ರಿಕ ಬಿಡ್ ತೆರೆಯುವ ದಿನಾಂಕ: 01.07.2025 ರಂದು ಸಾಯಂಕಾಲ 04:35 ಗಂಟೆಗೆ. 6) ಆರ್ಥಿಕ ಬಿಡ್ ತೆರೆಯುವ ದಿನಾಂಕ: 02.07.2025 ರಂದು ಬೆಳಿಗ್ಗೆ 11:30 ಗಂಟೆಗೆ. 7) ಹೆಚ್ಚಿನ ವಿವರಗಳಿಗಾಗಿ www.kppp.karnataka.gov.in ಹಾಗೂ www.kalaburagicity.mrc.gov.in/ ವೆಬ್‌ಸೈಟ್‌ನಲ್ಲಿ ಪಡೆಯಬಹುದಾಗಿದೆ.
Note: All subsequent corrigendum/amendment shall be published only on website and not in press. Hence, tenderers are advised to always be in touch with our said website until the tender is finally opened.
ಸಹಿ/- ಕಾರ್ಯಪಾಲಕ ಅಭಿಯಂತರರು, ಕಲಬುರಗಿ ಮಹಾನಗರ ಪಾಲಿಕೆ, ಕಲಬುರಗಿ.
ವಾ.ಸಾ.ನಿ./ಕಲಬುರಗಿ/243/ಕೆ.ಎಸ್.ಎಂ.ಪಿ/2025-26
